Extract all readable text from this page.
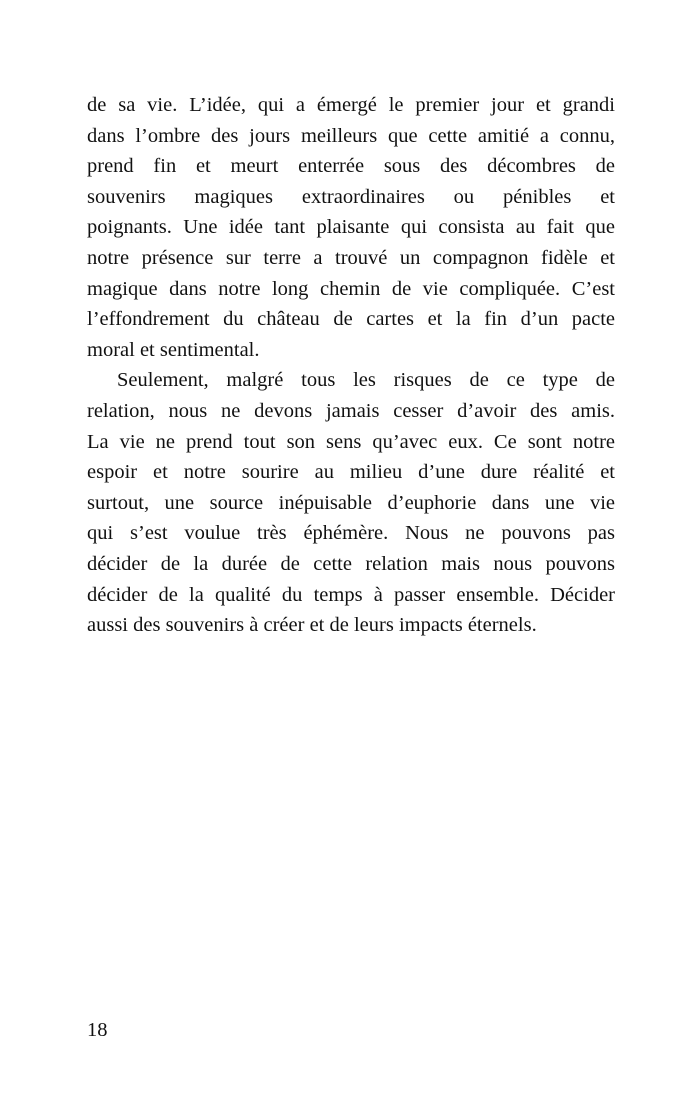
de sa vie. L’idée, qui a émergé le premier jour et grandi
dans l’ombre des jours meilleurs que cette amitié a connu,
prend fin et meurt enterrée sous des décombres de
souvenirs magiques extraordinaires ou pénibles et
poignants. Une idée tant plaisante qui consista au fait que
notre présence sur terre a trouvé un compagnon fidèle et
magique dans notre long chemin de vie compliquée. C’est
l’effondrement du château de cartes et la fin d’un pacte
moral et sentimental.
Seulement, malgré tous les risques de ce type de
relation, nous ne devons jamais cesser d’avoir des amis.
La vie ne prend tout son sens qu’avec eux. Ce sont notre
espoir et notre sourire au milieu d’une dure réalité et
surtout, une source inépuisable d’euphorie dans une vie
qui s’est voulue très éphémère. Nous ne pouvons pas
décider de la durée de cette relation mais nous pouvons
décider de la qualité du temps à passer ensemble. Décider
aussi des souvenirs à créer et de leurs impacts éternels.
18
